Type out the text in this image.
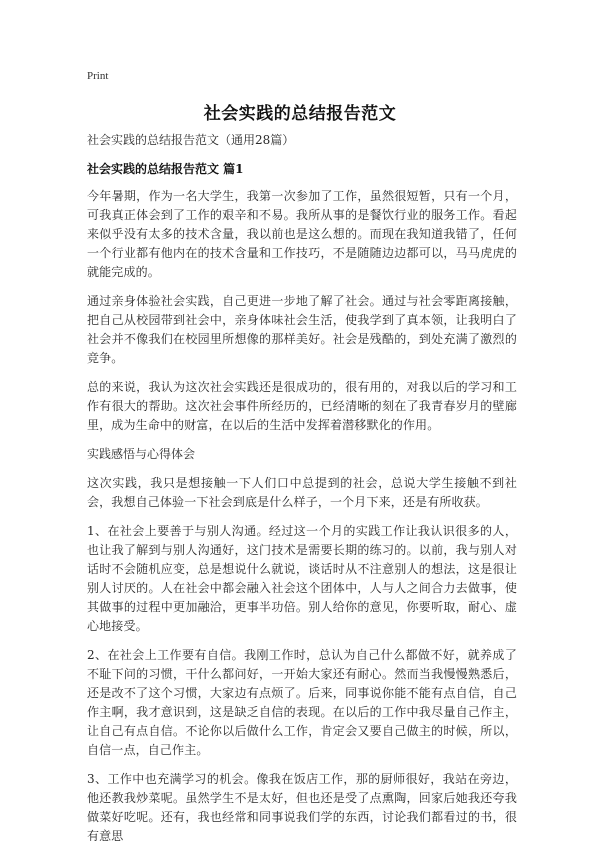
Print
社会实践的总结报告范文
社会实践的总结报告范文（通用28篇）
社会实践的总结报告范文 篇1

今年暑期，作为一名大学生，我第一次参加了工作，虽然很短暂，只有一个月，可我真正体会到了工作的艰辛和不易。我所从事的是餐饮行业的服务工作。看起来似乎没有太多的技术含量，我以前也是这么想的。而现在我知道我错了，任何一个行业都有他内在的技术含量和工作技巧，不是随随边边都可以，马马虎虎的就能完成的。

通过亲身体验社会实践，自己更进一步地了解了社会。通过与社会零距离接触，把自己从校园带到社会中，亲身体味社会生活，使我学到了真本领，让我明白了社会并不像我们在校园里所想像的那样美好。社会是残酷的，到处充满了激烈的竞争。

总的来说，我认为这次社会实践还是很成功的，很有用的，对我以后的学习和工作有很大的帮助。这次社会事件所经历的，已经清晰的刻在了我青春岁月的壁廊里，成为生命中的财富，在以后的生活中发挥着潜移默化的作用。

实践感悟与心得体会

这次实践，我只是想接触一下人们口中总提到的社会，总说大学生接触不到社会，我想自己体验一下社会到底是什么样子，一个月下来，还是有所收获。

1、在社会上要善于与别人沟通。经过这一个月的实践工作让我认识很多的人，也让我了解到与别人沟通好，这门技术是需要长期的练习的。以前，我与别人对话时不会随机应变，总是想说什么就说，谈话时从不注意别人的想法，这是很让别人讨厌的。人在社会中都会融入社会这个团体中，人与人之间合力去做事，使其做事的过程中更加融洽，更事半功倍。别人给你的意见，你要听取，耐心、虚心地接受。

2、在社会上工作要有自信。我刚工作时，总认为自己什么都做不好，就养成了不耻下问的习惯，干什么都问好，一开始大家还有耐心。然而当我慢慢熟悉后，还是改不了这个习惯，大家边有点烦了。后来，同事说你能不能有点自信，自己作主啊，我才意识到，这是缺乏自信的表现。在以后的工作中我尽量自己作主，让自己有点自信。不论你以后做什么工作，肯定会又要自己做主的时候，所以，自信一点，自己作主。

3、工作中也充满学习的机会。像我在饭店工作，那的厨师很好，我站在旁边，他还教我炒菜呢。虽然学生不是太好，但也还是受了点熏陶，回家后她我还夸我做菜好吃呢。还有，我也经常和同事说我们学的东西，讨论我们都看过的书，很有意思
